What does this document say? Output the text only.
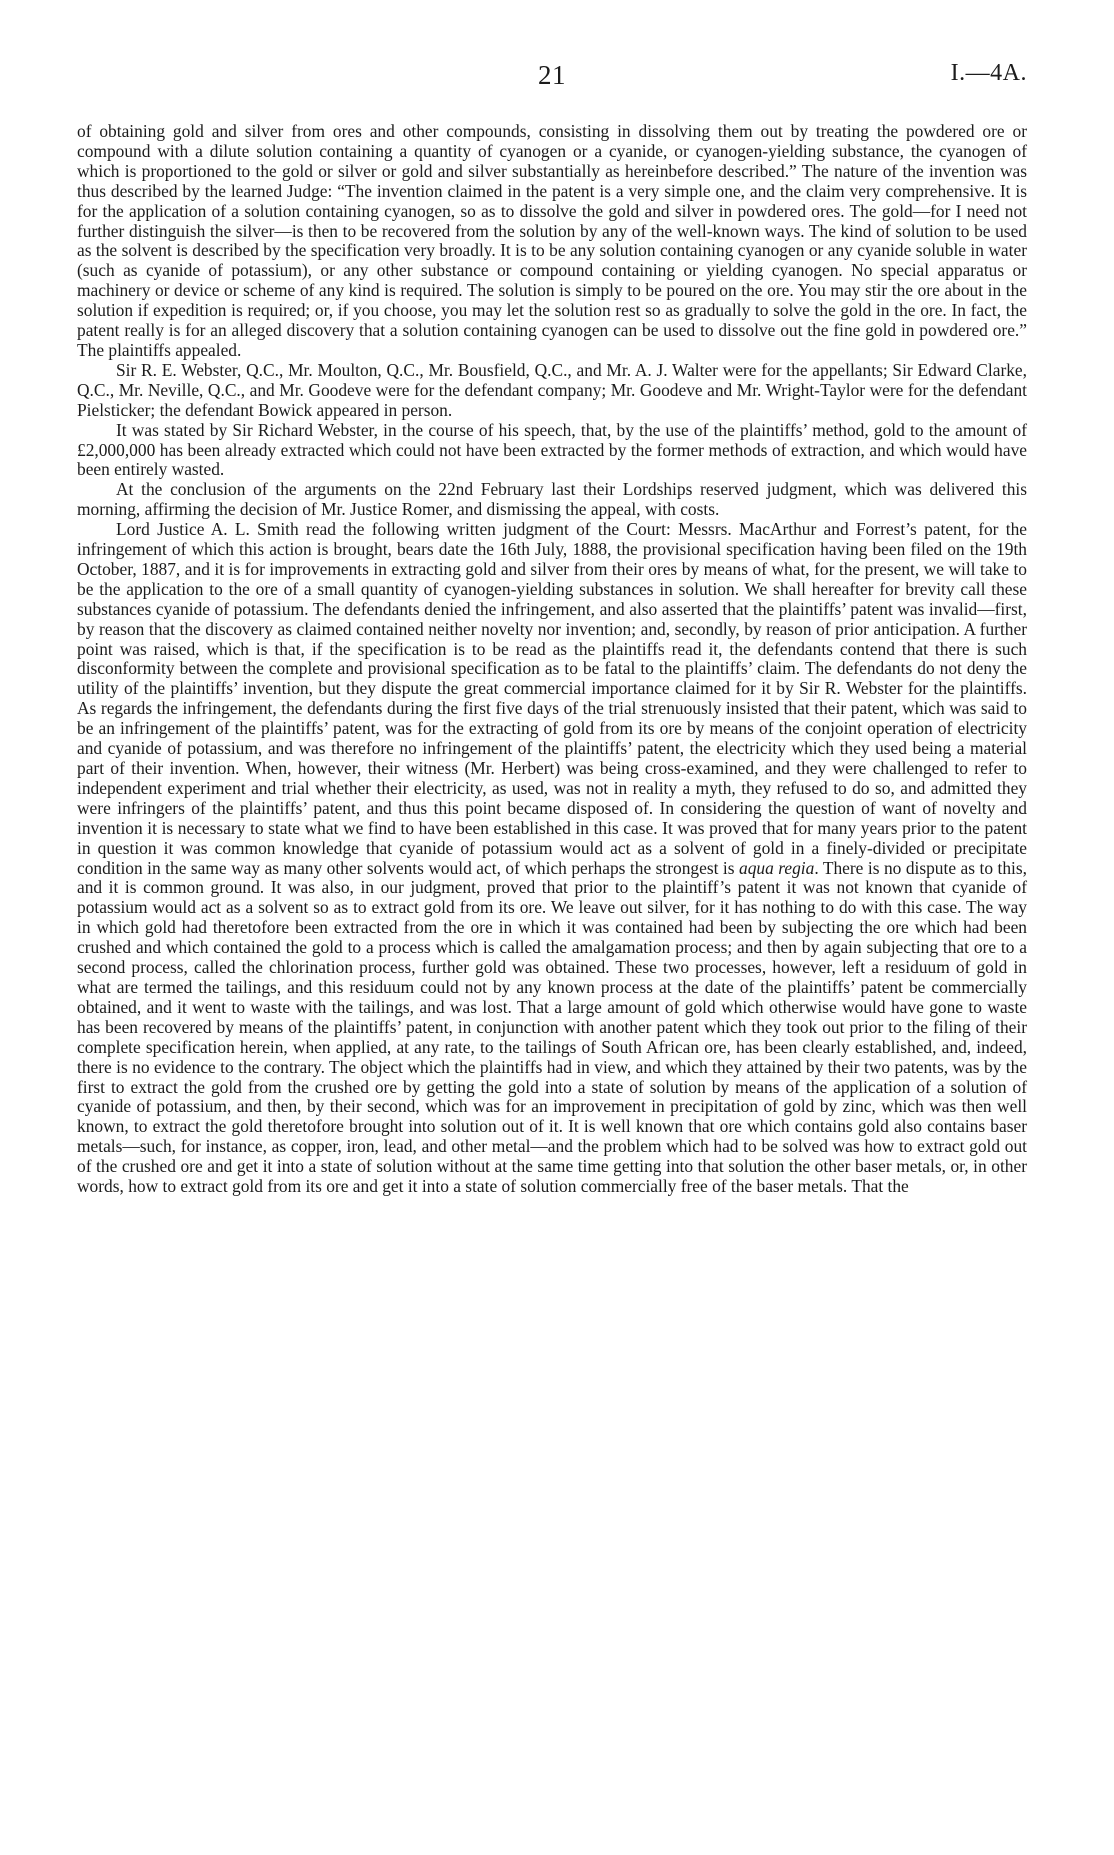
21	I.—4A.

of obtaining gold and silver from ores and other compounds, consisting in dissolving them out by treating the powdered ore or compound with a dilute solution containing a quantity of cyanogen or a cyanide, or cyanogen-yielding substance, the cyanogen of which is proportioned to the gold or silver or gold and silver substantially as hereinbefore described.” The nature of the invention was thus described by the learned Judge: “The invention claimed in the patent is a very simple one, and the claim very comprehensive. It is for the application of a solution containing cyanogen, so as to dissolve the gold and silver in powdered ores. The gold—for I need not further distinguish the silver—is then to be recovered from the solution by any of the well-known ways. The kind of solution to be used as the solvent is described by the specification very broadly. It is to be any solution containing cyanogen or any cyanide soluble in water (such as cyanide of potassium), or any other substance or compound containing or yielding cyanogen. No special apparatus or machinery or device or scheme of any kind is required. The solution is simply to be poured on the ore. You may stir the ore about in the solution if expedition is required; or, if you choose, you may let the solution rest so as gradually to solve the gold in the ore. In fact, the patent really is for an alleged discovery that a solution containing cyanogen can be used to dissolve out the fine gold in powdered ore.” The plaintiffs appealed.

Sir R. E. Webster, Q.C., Mr. Moulton, Q.C., Mr. Bousfield, Q.C., and Mr. A. J. Walter were for the appellants; Sir Edward Clarke, Q.C., Mr. Neville, Q.C., and Mr. Goodeve were for the defendant company; Mr. Goodeve and Mr. Wright-Taylor were for the defendant Pielsticker; the defendant Bowick appeared in person.

It was stated by Sir Richard Webster, in the course of his speech, that, by the use of the plaintiffs’ method, gold to the amount of £2,000,000 has been already extracted which could not have been extracted by the former methods of extraction, and which would have been entirely wasted.

At the conclusion of the arguments on the 22nd February last their Lordships reserved judgment, which was delivered this morning, affirming the decision of Mr. Justice Romer, and dismissing the appeal, with costs.

Lord Justice A. L. Smith read the following written judgment of the Court: Messrs. MacArthur and Forrest’s patent, for the infringement of which this action is brought, bears date the 16th July, 1888, the provisional specification having been filed on the 19th October, 1887, and it is for improvements in extracting gold and silver from their ores by means of what, for the present, we will take to be the application to the ore of a small quantity of cyanogen-yielding substances in solution. We shall hereafter for brevity call these substances cyanide of potassium. The defendants denied the infringement, and also asserted that the plaintiffs’ patent was invalid—first, by reason that the discovery as claimed contained neither novelty nor invention; and, secondly, by reason of prior anticipation. A further point was raised, which is that, if the specification is to be read as the plaintiffs read it, the defendants contend that there is such disconformity between the complete and provisional specification as to be fatal to the plaintiffs’ claim. The defendants do not deny the utility of the plaintiffs’ invention, but they dispute the great commercial importance claimed for it by Sir R. Webster for the plaintiffs. As regards the infringement, the defendants during the first five days of the trial strenuously insisted that their patent, which was said to be an infringement of the plaintiffs’ patent, was for the extracting of gold from its ore by means of the conjoint operation of electricity and cyanide of potassium, and was therefore no infringement of the plaintiffs’ patent, the electricity which they used being a material part of their invention. When, however, their witness (Mr. Herbert) was being cross-examined, and they were challenged to refer to independent experiment and trial whether their electricity, as used, was not in reality a myth, they refused to do so, and admitted they were infringers of the plaintiffs’ patent, and thus this point became disposed of. In considering the question of want of novelty and invention it is necessary to state what we find to have been established in this case. It was proved that for many years prior to the patent in question it was common knowledge that cyanide of potassium would act as a solvent of gold in a finely-divided or precipitate condition in the same way as many other solvents would act, of which perhaps the strongest is aqua regia. There is no dispute as to this, and it is common ground. It was also, in our judgment, proved that prior to the plaintiff’s patent it was not known that cyanide of potassium would act as a solvent so as to extract gold from its ore. We leave out silver, for it has nothing to do with this case. The way in which gold had theretofore been extracted from the ore in which it was contained had been by subjecting the ore which had been crushed and which contained the gold to a process which is called the amalgamation process; and then by again subjecting that ore to a second process, called the chlorination process, further gold was obtained. These two processes, however, left a residuum of gold in what are termed the tailings, and this residuum could not by any known process at the date of the plaintiffs’ patent be commercially obtained, and it went to waste with the tailings, and was lost. That a large amount of gold which otherwise would have gone to waste has been recovered by means of the plaintiffs’ patent, in conjunction with another patent which they took out prior to the filing of their complete specification herein, when applied, at any rate, to the tailings of South African ore, has been clearly established, and, indeed, there is no evidence to the contrary. The object which the plaintiffs had in view, and which they attained by their two patents, was by the first to extract the gold from the crushed ore by getting the gold into a state of solution by means of the application of a solution of cyanide of potassium, and then, by their second, which was for an improvement in precipitation of gold by zinc, which was then well known, to extract the gold theretofore brought into solution out of it. It is well known that ore which contains gold also contains baser metals—such, for instance, as copper, iron, lead, and other metal—and the problem which had to be solved was how to extract gold out of the crushed ore and get it into a state of solution without at the same time getting into that solution the other baser metals, or, in other words, how to extract gold from its ore and get it into a state of solution commercially free of the baser metals. That the
